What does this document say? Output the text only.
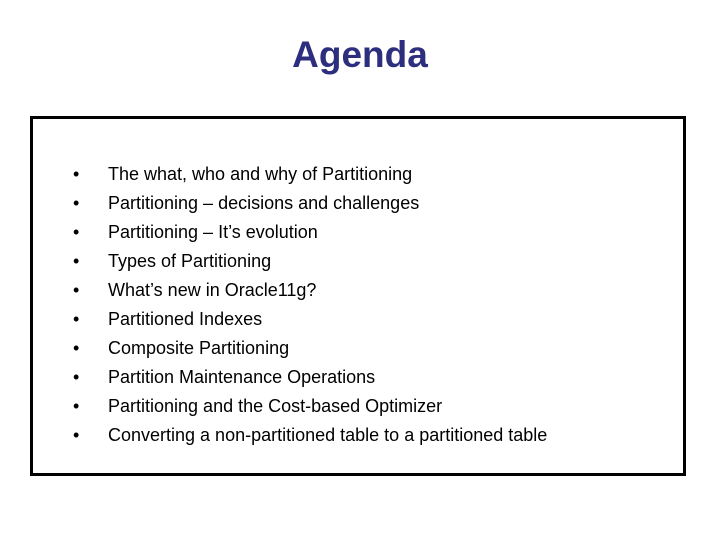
Agenda
•	The what, who and why of Partitioning
•	Partitioning – decisions and challenges
•	Partitioning – It’s evolution
•	Types of Partitioning
•	What’s new in Oracle11g?
•	Partitioned Indexes
•	Composite Partitioning
•	Partition Maintenance Operations
•	Partitioning and the Cost-based Optimizer
•	Converting a non-partitioned table to a partitioned table
